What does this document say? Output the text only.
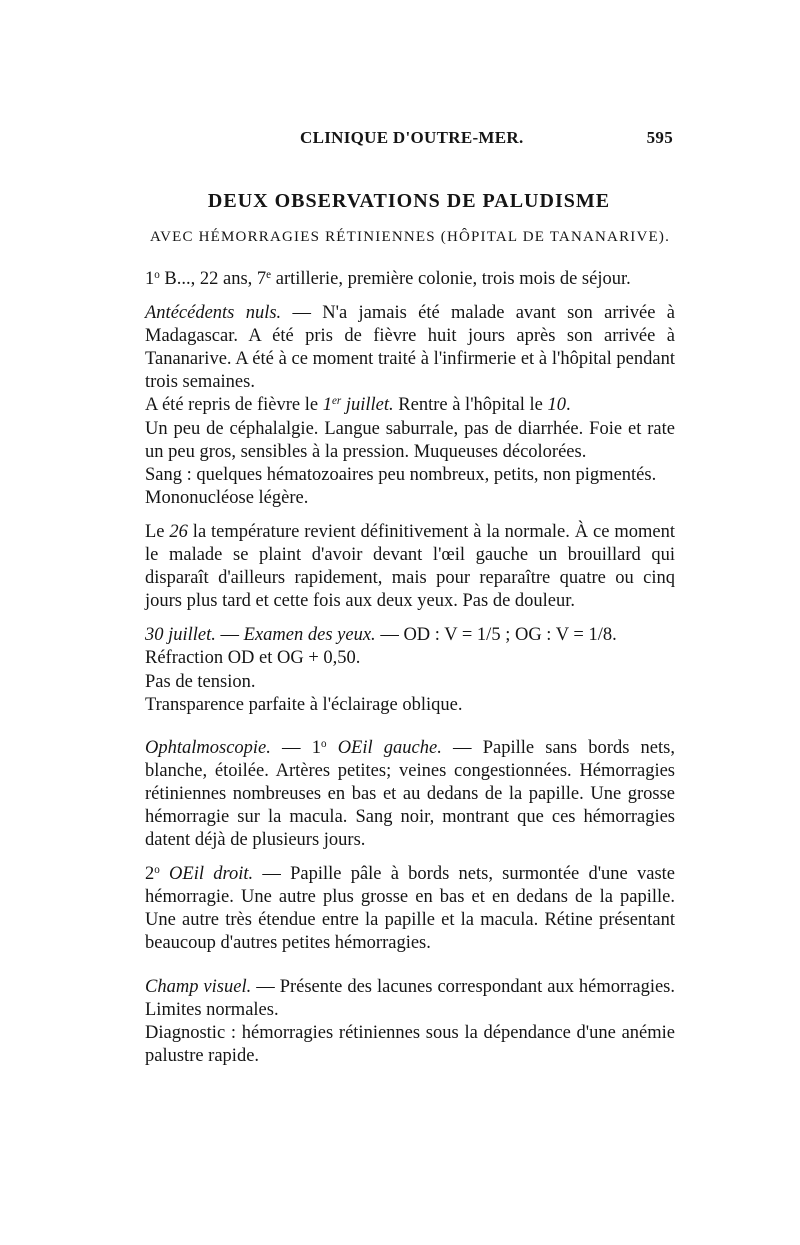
CLINIQUE D'OUTRE-MER.	595
DEUX OBSERVATIONS DE PALUDISME
AVEC HÉMORRAGIES RÉTINIENNES (HÔPITAL DE TANANARIVE).

1$^o$ B..., 22 ans, 7e artillerie, première colonie, trois mois de séjour.

Antécédents nuls. — N'a jamais été malade avant son arrivée à Madagascar. A été pris de fièvre huit jours après son arrivée à Tananarive. A été à ce moment traité à l'infirmerie et à l'hôpital pendant trois semaines.

A été repris de fièvre le 1er juillet. Rentre à l'hôpital le 10.

Un peu de céphalalgie. Langue saburrale, pas de diarrhée. Foie et rate un peu gros, sensibles à la pression. Muqueuses décolorées.

Sang : quelques hématozoaires peu nombreux, petits, non pigmentés.

Mononucléose légère.

Le 26 la température revient définitivement à la normale. À ce moment le malade se plaint d'avoir devant l'œil gauche un brouillard qui disparaît d'ailleurs rapidement, mais pour reparaître quatre ou cinq jours plus tard et cette fois aux deux yeux. Pas de douleur.

30 juillet. — Examen des yeux. — OD : V = 1/5 ; OG : V = 1/8.

Réfraction OD et OG + 0,50.

Pas de tension.

Transparence parfaite à l'éclairage oblique.

Ophtalmoscopie. — 1$^o$ OEil gauche. — Papille sans bords nets, blanche, étoilée. Artères petites; veines congestionnées. Hémorragies rétiniennes nombreuses en bas et au dedans de la papille. Une grosse hémorragie sur la macula. Sang noir, montrant que ces hémorragies datent déjà de plusieurs jours.

2$^o$ OEil droit. — Papille pâle à bords nets, surmontée d'une vaste hémorragie. Une autre plus grosse en bas et en dedans de la papille. Une autre très étendue entre la papille et la macula. Rétine présentant beaucoup d'autres petites hémorragies.

Champ visuel. — Présente des lacunes correspondant aux hémorragies. Limites normales.

Diagnostic : hémorragies rétiniennes sous la dépendance d'une anémie palustre rapide.
